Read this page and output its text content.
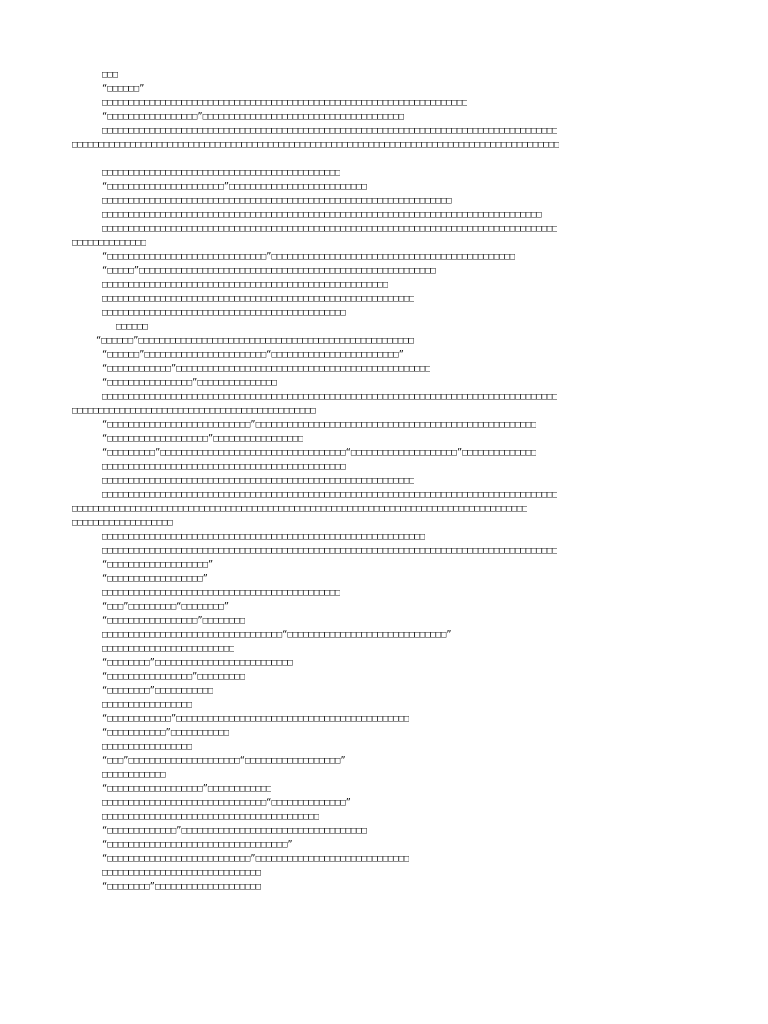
□□□
“□□□□□□”
□□□□□□□□□□□□□□□□□□□□□□□□□□□□□□□□□□□□□□□□□□□□□□□□□□□□□□□□□□□□□□□□□□□□□
“□□□□□□□□□□□□□□□□□”□□□□□□□□□□□□□□□□□□□□□□□□□□□□□□□□□□□□□□
□□□□□□□□□□□□□□□□□□□□□□□□□□□□□□□□□□□□□□□□□□□□□□□□□□□□□□□□□□□□□□□□□□□□□□□□□□□□□□□□□□□□□□
□□□□□□□□□□□□□□□□□□□□□□□□□□□□□□□□□□□□□□□□□□□□□□□□□□□□□□□□□□□□□□□□□□□□□□□□□□□□□□□□□□□□□□□□□□□□
□□□□□□□□□□□□□□□□□□□□□□□□□□□□□□□□□□□□□□□□□□□□□
“□□□□□□□□□□□□□□□□□□□□□□”□□□□□□□□□□□□□□□□□□□□□□□□□□
□□□□□□□□□□□□□□□□□□□□□□□□□□□□□□□□□□□□□□□□□□□□□□□□□□□□□□□□□□□□□□□□□□
□□□□□□□□□□□□□□□□□□□□□□□□□□□□□□□□□□□□□□□□□□□□□□□□□□□□□□□□□□□□□□□□□□□□□□□□□□□□□□□□□□□
□□□□□□□□□□□□□□□□□□□□□□□□□□□□□□□□□□□□□□□□□□□□□□□□□□□□□□□□□□□□□□□□□□□□□□□□□□□□□□□□□□□□□□
□□□□□□□□□□□□□□
“□□□□□□□□□□□□□□□□□□□□□□□□□□□□□□”□□□□□□□□□□□□□□□□□□□□□□□□□□□□□□□□□□□□□□□□□□□□□□
“□□□□□”□□□□□□□□□□□□□□□□□□□□□□□□□□□□□□□□□□□□□□□□□□□□□□□□□□□□□□□□
□□□□□□□□□□□□□□□□□□□□□□□□□□□□□□□□□□□□□□□□□□□□□□□□□□□□□□
□□□□□□□□□□□□□□□□□□□□□□□□□□□□□□□□□□□□□□□□□□□□□□□□□□□□□□□□□□□
□□□□□□□□□□□□□□□□□□□□□□□□□□□□□□□□□□□□□□□□□□□□□□
□□□□□□
“□□□□□□”□□□□□□□□□□□□□□□□□□□□□□□□□□□□□□□□□□□□□□□□□□□□□□□□□□□□
“□□□□□□”□□□□□□□□□□□□□□□□□□□□□□□“□□□□□□□□□□□□□□□□□□□□□□□□”
“□□□□□□□□□□□□”□□□□□□□□□□□□□□□□□□□□□□□□□□□□□□□□□□□□□□□□□□□□□□□□
“□□□□□□□□□□□□□□□□”□□□□□□□□□□□□□□□
□□□□□□□□□□□□□□□□□□□□□□□□□□□□□□□□□□□□□□□□□□□□□□□□□□□□□□□□□□□□□□□□□□□□□□□□□□□□□□□□□□□□□□
□□□□□□□□□□□□□□□□□□□□□□□□□□□□□□□□□□□□□□□□□□□□□□
“□□□□□□□□□□□□□□□□□□□□□□□□□□□”□□□□□□□□□□□□□□□□□□□□□□□□□□□□□□□□□□□□□□□□□□□□□□□□□□□□□
“□□□□□□□□□□□□□□□□□□□”□□□□□□□□□□□□□□□□□
“□□□□□□□□□”□□□□□□□□□□□□□□□□□□□□□□□□□□□□□□□□□□□“□□□□□□□□□□□□□□□□□□□□”□□□□□□□□□□□□□□
□□□□□□□□□□□□□□□□□□□□□□□□□□□□□□□□□□□□□□□□□□□□□□
□□□□□□□□□□□□□□□□□□□□□□□□□□□□□□□□□□□□□□□□□□□□□□□□□□□□□□□□□□□
□□□□□□□□□□□□□□□□□□□□□□□□□□□□□□□□□□□□□□□□□□□□□□□□□□□□□□□□□□□□□□□□□□□□□□□□□□□□□□□□□□□□□□
□□□□□□□□□□□□□□□□□□□□□□□□□□□□□□□□□□□□□□□□□□□□□□□□□□□□□□□□□□□□□□□□□□□□□□□□□□□□□□□□□□□□□□
□□□□□□□□□□□□□□□□□□□
□□□□□□□□□□□□□□□□□□□□□□□□□□□□□□□□□□□□□□□□□□□□□□□□□□□□□□□□□□□□□
□□□□□□□□□□□□□□□□□□□□□□□□□□□□□□□□□□□□□□□□□□□□□□□□□□□□□□□□□□□□□□□□□□□□□□□□□□□□□□□□□□□□□□
“□□□□□□□□□□□□□□□□□□□”
“□□□□□□□□□□□□□□□□□□”
□□□□□□□□□□□□□□□□□□□□□□□□□□□□□□□□□□□□□□□□□□□□□
“□□□”□□□□□□□□□“□□□□□□□□”
“□□□□□□□□□□□□□□□□□”□□□□□□□□
□□□□□□□□□□□□□□□□□□□□□□□□□□□□□□□□□□“□□□□□□□□□□□□□□□□□□□□□□□□□□□□□□”
□□□□□□□□□□□□□□□□□□□□□□□□□
“□□□□□□□□”□□□□□□□□□□□□□□□□□□□□□□□□□□
“□□□□□□□□□□□□□□□□”□□□□□□□□□
“□□□□□□□□”□□□□□□□□□□□
□□□□□□□□□□□□□□□□□
“□□□□□□□□□□□□”□□□□□□□□□□□□□□□□□□□□□□□□□□□□□□□□□□□□□□□□□□□□
“□□□□□□□□□□□”□□□□□□□□□□□
□□□□□□□□□□□□□□□□□
“□□□”□□□□□□□□□□□□□□□□□□□□□“□□□□□□□□□□□□□□□□□□”
□□□□□□□□□□□□
“□□□□□□□□□□□□□□□□□□”□□□□□□□□□□□□
□□□□□□□□□□□□□□□□□□□□□□□□□□□□□□□“□□□□□□□□□□□□□□”
□□□□□□□□□□□□□□□□□□□□□□□□□□□□□□□□□□□□□□□□□
“□□□□□□□□□□□□□”□□□□□□□□□□□□□□□□□□□□□□□□□□□□□□□□□□□
“□□□□□□□□□□□□□□□□□□□□□□□□□□□□□□□□□□”
“□□□□□□□□□□□□□□□□□□□□□□□□□□□”□□□□□□□□□□□□□□□□□□□□□□□□□□□□□
□□□□□□□□□□□□□□□□□□□□□□□□□□□□□□
“□□□□□□□□”□□□□□□□□□□□□□□□□□□□□
